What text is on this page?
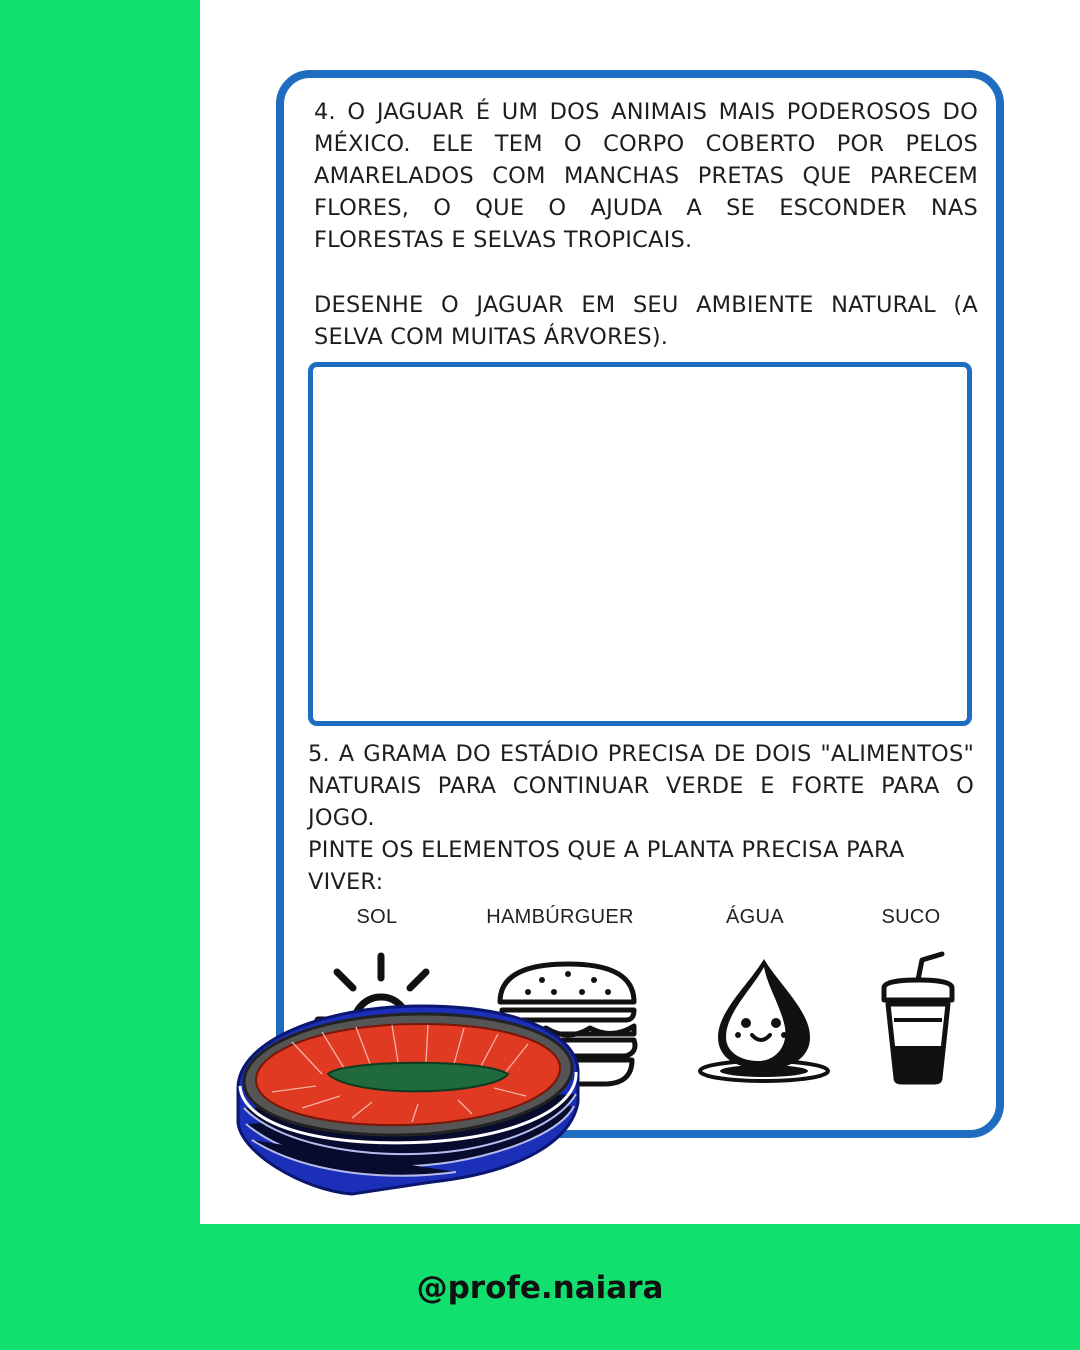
4. O JAGUAR É UM DOS ANIMAIS MAIS PODEROSOS DO MÉXICO. ELE TEM O CORPO COBERTO POR PELOS AMARELADOS COM MANCHAS PRETAS QUE PARECEM FLORES, O QUE O AJUDA A SE ESCONDER NAS FLORESTAS E SELVAS TROPICAIS.

DESENHE O JAGUAR EM SEU AMBIENTE NATURAL (A SELVA COM MUITAS ÁRVORES).

5. A GRAMA DO ESTÁDIO PRECISA DE DOIS "ALIMENTOS" NATURAIS PARA CONTINUAR VERDE E FORTE PARA O JOGO.

PINTE OS ELEMENTOS QUE A PLANTA PRECISA PARA VIVER:

SOL	HAMBÚRGUER	ÁGUA	SUCO
@profe.naiara
